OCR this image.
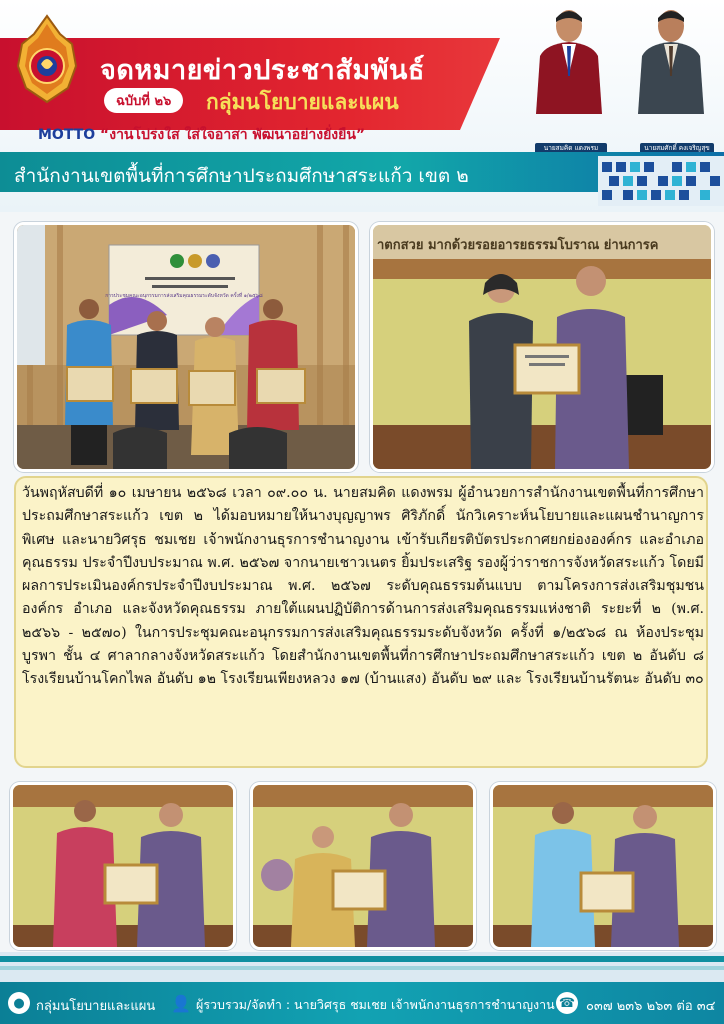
จดหมายข่าวประชาสัมพันธ์
ฉบับที่ ๒๖	กลุ่มนโยบายและแผน
MOTTO “งานโปร่งใส ใส่ใจอาสา พัฒนาอย่างยั่งยืน”
นายสมคิด แดงพรม	นายสมศักดิ์ คงเจริญสุข
สำนักงานเขตพื้นที่การศึกษาประถมศึกษาสระแก้ว เขต ๒
การประชุมคณะอนุกรรมการส่งเสริมคุณธรรมระดับจังหวัด ครั้งที่ ๑/๒๕๖๘
าตกสวย มากด้วยรอยอารยธรรมโบราณ ย่านการค
วันพฤหัสบดีที่ ๑๐ เมษายน ๒๕๖๘ เวลา ๐๙.๐๐ น. นายสมคิด แดงพรม ผู้อำนวยการสำนักงานเขตพื้นที่การศึกษาประถมศึกษาสระแก้ว เขต ๒ ได้มอบหมายให้นางบุญญาพร ศิริภักดิ์ นักวิเคราะห์นโยบายและแผนชำนาญการพิเศษ และนายวิศรุธ ชมเชย เจ้าพนักงานธุรการชำนาญงาน เข้ารับเกียรติบัตรประกาศยกย่ององค์กร และอำเภอคุณธรรม ประจำปีงบประมาณ พ.ศ. ๒๕๖๗ จากนายเชาวเนตร ยิ้มประเสริฐ รองผู้ว่าราชการจังหวัดสระแก้ว โดยมีผลการประเมินองค์กรประจำปีงบประมาณ พ.ศ. ๒๕๖๗ ระดับคุณธรรมต้นแบบ ตามโครงการส่งเสริมชุมชน องค์กร อำเภอ และจังหวัดคุณธรรม ภายใต้แผนปฏิบัติการด้านการส่งเสริมคุณธรรมแห่งชาติ ระยะที่ ๒ (พ.ศ. ๒๕๖๖ - ๒๕๗๐) ในการประชุมคณะอนุกรรมการส่งเสริมคุณธรรมระดับจังหวัด ครั้งที่ ๑/๒๕๖๘ ณ ห้องประชุมบูรพา ชั้น ๔ ศาลากลางจังหวัดสระแก้ว โดยสำนักงานเขตพื้นที่การศึกษาประถมศึกษาสระแก้ว เขต ๒ อันดับ ๘ โรงเรียนบ้านโคกไพล อันดับ ๑๒ โรงเรียนเพียงหลวง ๑๗ (บ้านแสง) อันดับ ๒๙ และ โรงเรียนบ้านรัตนะ อันดับ ๓๐
● กลุ่มนโยบายและแผน 👤 ผู้รวบรวม/จัดทำ : นายวิศรุธ ชมเชย เจ้าพนักงานธุรการชำนาญงาน ☎ ๐๓๗ ๒๓๖ ๒๖๓ ต่อ ๓๔
